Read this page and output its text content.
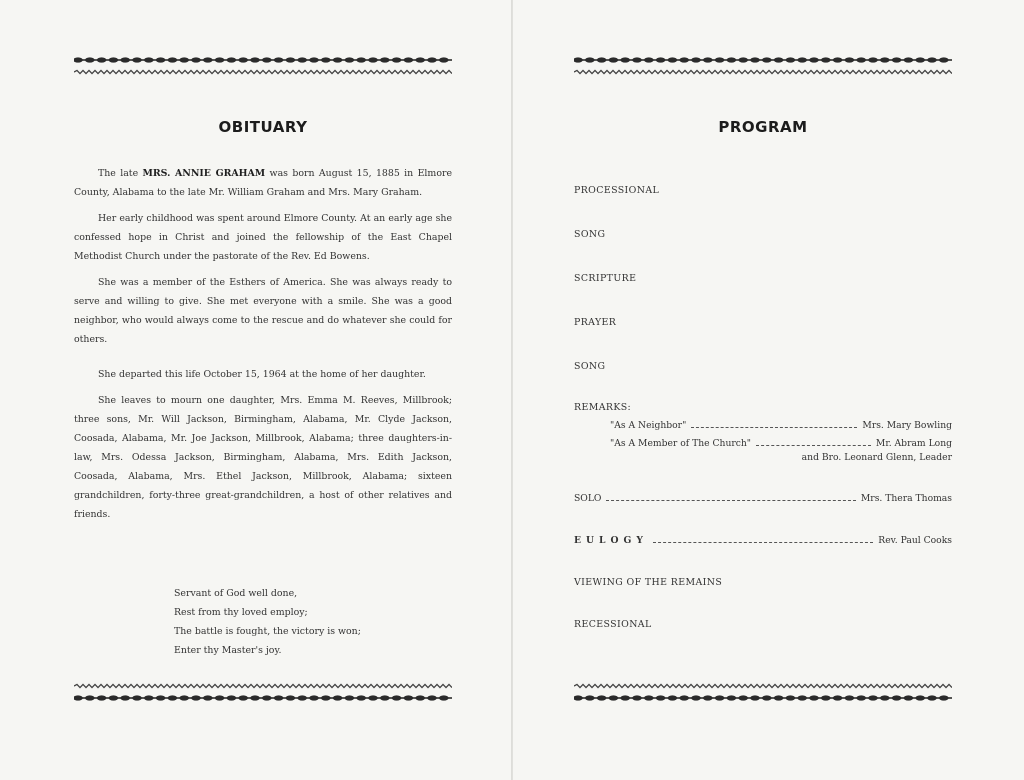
OBITUARY

The late MRS. ANNIE GRAHAM was born August 15, 1885 in Elmore County, Alabama to the late Mr. William Graham and Mrs. Mary Graham.

Her early childhood was spent around Elmore County. At an early age she confessed hope in Christ and joined the fellowship of the East Chapel Methodist Church under the pastorate of the Rev. Ed Bowens.

She was a member of the Esthers of America. She was always ready to serve and willing to give. She met everyone with a smile. She was a good neighbor, who would always come to the rescue and do whatever she could for others.

She departed this life October 15, 1964 at the home of her daughter.

She leaves to mourn one daughter, Mrs. Emma M. Reeves, Millbrook; three sons, Mr. Will Jackson, Birmingham, Alabama, Mr. Clyde Jackson, Coosada, Alabama, Mr. Joe Jackson, Millbrook, Alabama; three daughters-in-law, Mrs. Odessa Jackson, Birmingham, Alabama, Mrs. Edith Jackson, Coosada, Alabama, Mrs. Ethel Jackson, Millbrook, Alabama; sixteen grandchildren, forty-three great-grandchildren, a host of other relatives and friends.

Servant of God well done,
Rest from thy loved employ;
The battle is fought, the victory is won;
Enter thy Master's joy.
PROGRAM
PROCESSIONAL
SONG
SCRIPTURE
PRAYER
SONG
REMARKS:
"As A Neighbor"	Mrs. Mary Bowling
"As A Member of The Church"	Mr. Abram Long
and Bro. Leonard Glenn, Leader
SOLO	Mrs. Thera Thomas
EULOGY	Rev. Paul Cooks
VIEWING OF THE REMAINS
RECESSIONAL
